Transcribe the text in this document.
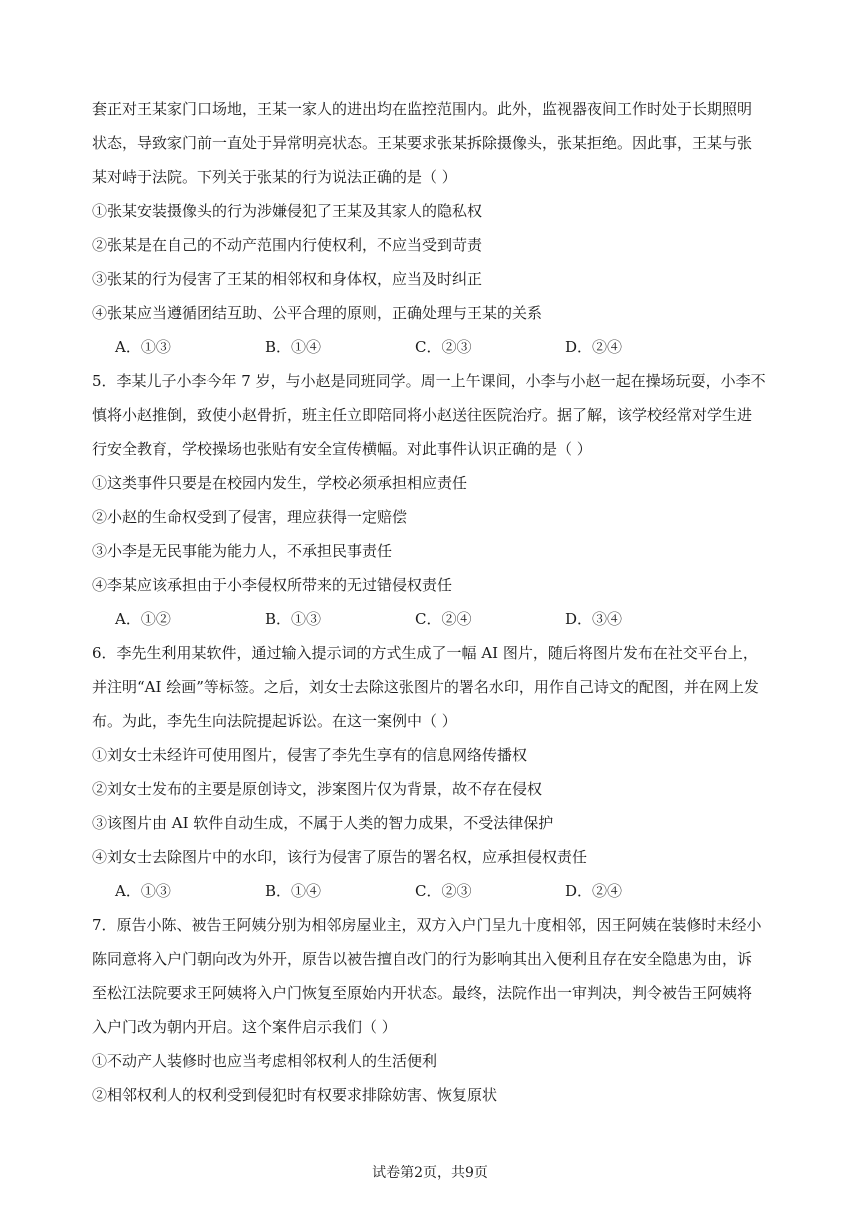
套正对王某家门口场地，王某一家人的进出均在监控范围内。此外，监视器夜间工作时处于长期照明
状态，导致家门前一直处于异常明亮状态。王某要求张某拆除摄像头，张某拒绝。因此事，王某与张
某对峙于法院。下列关于张某的行为说法正确的是（ ）
①张某安装摄像头的行为涉嫌侵犯了王某及其家人的隐私权
②张某是在自己的不动产范围内行使权利，不应当受到苛责
③张某的行为侵害了王某的相邻权和身体权，应当及时纠正
④张某应当遵循团结互助、公平合理的原则，正确处理与王某的关系
A．①③	B．①④	C．②③	D．②④
5．李某儿子小李今年 7 岁，与小赵是同班同学。周一上午课间，小李与小赵一起在操场玩耍，小李不
慎将小赵推倒，致使小赵骨折，班主任立即陪同将小赵送往医院治疗。据了解，该学校经常对学生进
行安全教育，学校操场也张贴有安全宣传横幅。对此事件认识正确的是（ ）
①这类事件只要是在校园内发生，学校必须承担相应责任
②小赵的生命权受到了侵害，理应获得一定赔偿
③小李是无民事能为能力人，不承担民事责任
④李某应该承担由于小李侵权所带来的无过错侵权责任
A．①②	B．①③	C．②④	D．③④
6．李先生利用某软件，通过输入提示词的方式生成了一幅 AI 图片，随后将图片发布在社交平台上，
并注明“AI 绘画”等标签。之后，刘女士去除这张图片的署名水印，用作自己诗文的配图，并在网上发
布。为此，李先生向法院提起诉讼。在这一案例中（ ）
①刘女士未经许可使用图片，侵害了李先生享有的信息网络传播权
②刘女士发布的主要是原创诗文，涉案图片仅为背景，故不存在侵权
③该图片由 AI 软件自动生成，不属于人类的智力成果，不受法律保护
④刘女士去除图片中的水印，该行为侵害了原告的署名权，应承担侵权责任
A．①③	B．①④	C．②③	D．②④
7．原告小陈、被告王阿姨分别为相邻房屋业主，双方入户门呈九十度相邻，因王阿姨在装修时未经小
陈同意将入户门朝向改为外开，原告以被告擅自改门的行为影响其出入便利且存在安全隐患为由，诉
至松江法院要求王阿姨将入户门恢复至原始内开状态。最终，法院作出一审判决，判令被告王阿姨将
入户门改为朝内开启。这个案件启示我们（ ）
①不动产人装修时也应当考虑相邻权利人的生活便利
②相邻权利人的权利受到侵犯时有权要求排除妨害、恢复原状
试卷第2页，共9页
